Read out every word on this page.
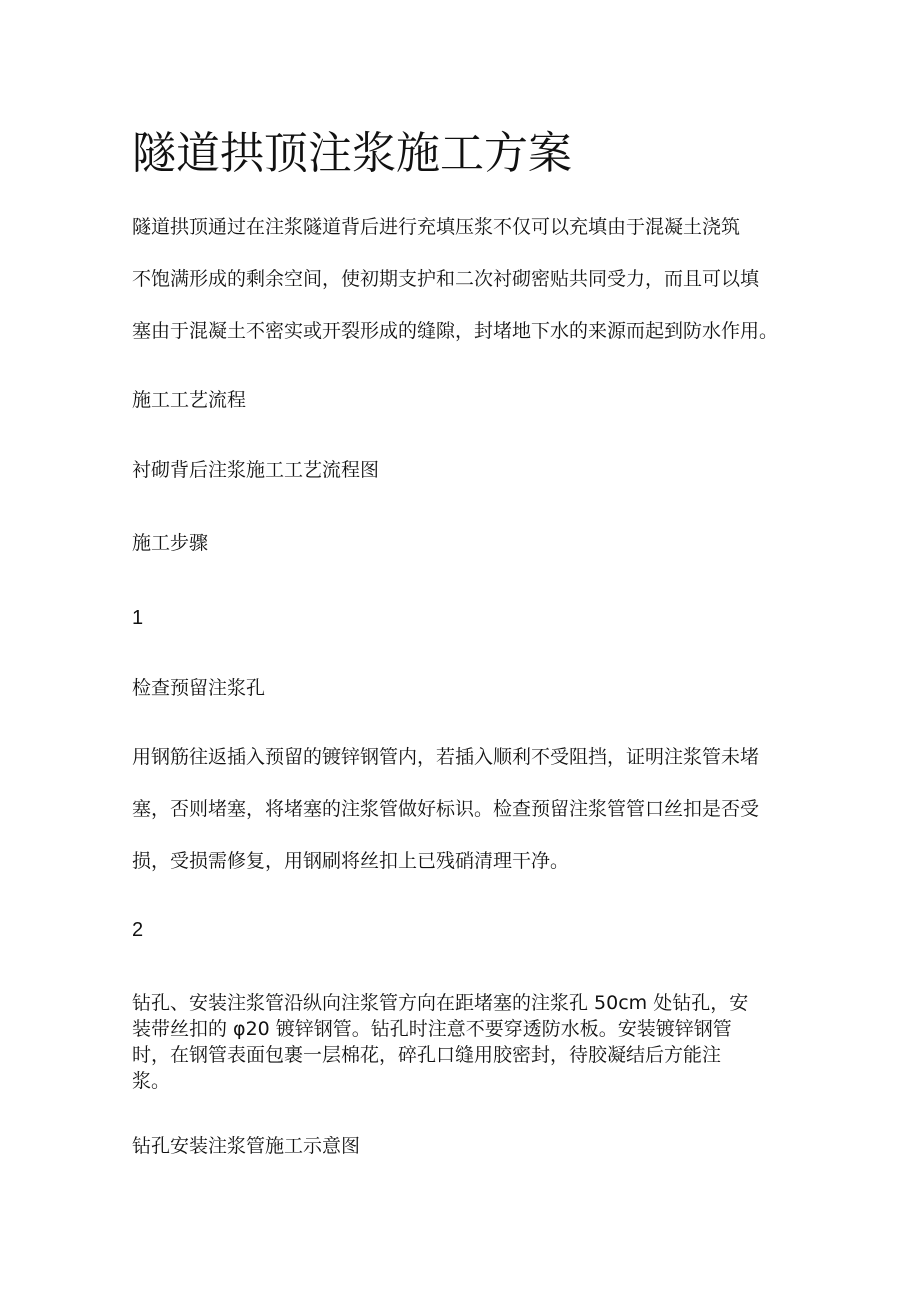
隧道拱顶注浆施工方案
隧道拱顶通过在注浆隧道背后进行充填压浆不仅可以充填由于混凝土浇筑
不饱满形成的剩余空间，使初期支护和二次衬砌密贴共同受力，而且可以填
塞由于混凝土不密实或开裂形成的缝隙，封堵地下水的来源而起到防水作用。

施工工艺流程

衬砌背后注浆施工工艺流程图

施工步骤

1

检查预留注浆孔

用钢筋往返插入预留的镀锌钢管内，若插入顺利不受阻挡，证明注浆管未堵
塞，否则堵塞，将堵塞的注浆管做好标识。检查预留注浆管管口丝扣是否受
损，受损需修复，用钢刷将丝扣上已残硝清理干净。

2

钻孔、安装注浆管沿纵向注浆管方向在距堵塞的注浆孔 50cm 处钻孔，安
装带丝扣的 φ20 镀锌钢管。钻孔时注意不要穿透防水板。安装镀锌钢管
时，在钢管表面包裹一层棉花，碎孔口缝用胶密封，待胶凝结后方能注
浆。

钻孔安装注浆管施工示意图
